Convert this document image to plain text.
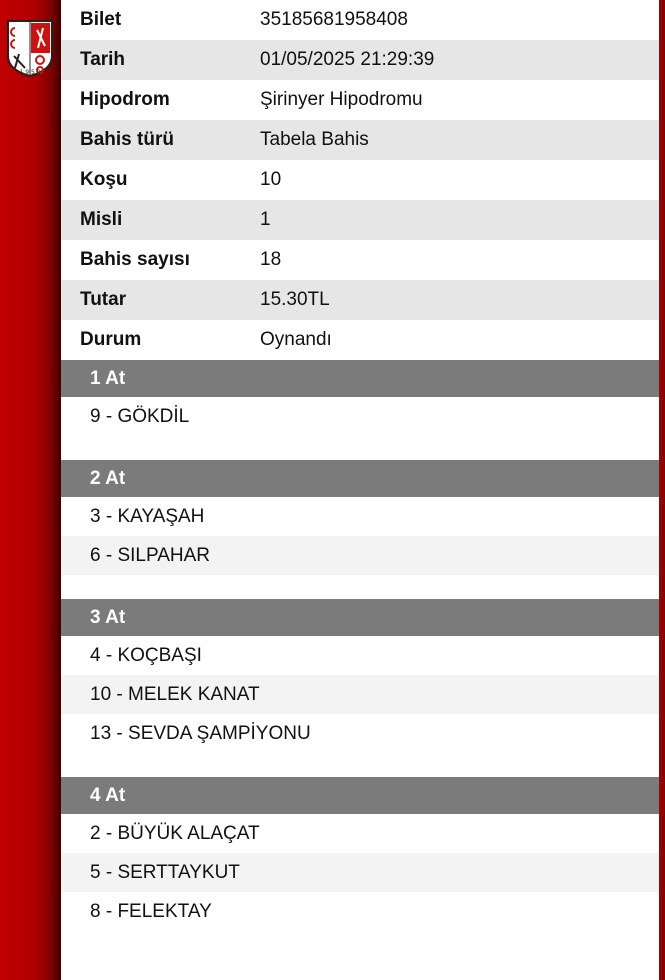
1 9 5 0
Bilet	35185681958408
Tarih	01/05/2025 21:29:39
Hipodrom	Şirinyer Hipodromu
Bahis türü	Tabela Bahis
Koşu	10
Misli	1
Bahis sayısı	18
Tutar	15.30TL
Durum	Oynandı
1 At
9 - GÖKDİL
2 At
3 - KAYAŞAH
6 - SILPAHAR
3 At
4 - KOÇBAŞI
10 - MELEK KANAT
13 - SEVDA ŞAMPİYONU
4 At
2 - BÜYÜK ALAÇAT
5 - SERTTAYKUT
8 - FELEKTAY
